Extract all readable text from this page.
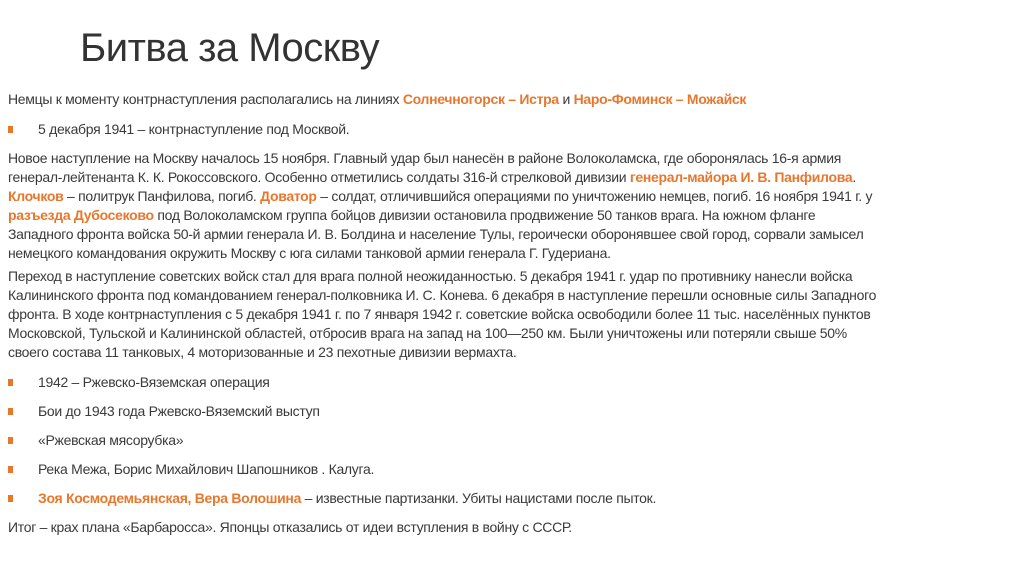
Битва за Москву
Немцы к моменту контрнаступления располагались на линиях Солнечногорск – Истра и Наро-Фоминск – Можайск
5 декабря 1941 – контрнаступление под Москвой.
Новое наступление на Москву началось 15 ноября. Главный удар был нанесён в районе Волоколамска, где оборонялась 16-я армия
генерал-лейтенанта К. К. Рокоссовского. Особенно отметились солдаты 316-й стрелковой дивизии генерал-майора И. В. Панфилова.
Клочков – политрук Панфилова, погиб. Доватор – солдат, отличившийся операциями по уничтожению немцев, погиб. 16 ноября 1941 г. у
разъезда Дубосеково под Волоколамском группа бойцов дивизии остановила продвижение 50 танков врага. На южном фланге
Западного фронта войска 50-й армии генерала И. В. Болдина и население Тулы, героически оборонявшее свой город, сорвали замысел
немецкого командования окружить Москву с юга силами танковой армии генерала Г. Гудериана.
Переход в наступление советских войск стал для врага полной неожиданностью. 5 декабря 1941 г. удар по противнику нанесли войска
Калининского фронта под командованием генерал-полковника И. С. Конева. 6 декабря в наступление перешли основные силы Западного
фронта. В ходе контрнаступления с 5 декабря 1941 г. по 7 января 1942 г. советские войска освободили более 11 тыс. населённых пунктов
Московской, Тульской и Калининской областей, отбросив врага на запад на 100—250 км. Были уничтожены или потеряли свыше 50%
своего состава 11 танковых, 4 моторизованные и 23 пехотные дивизии вермахта.
1942 – Ржевско-Вяземская операция
Бои до 1943 года Ржевско-Вяземский выступ
«Ржевская мясорубка»
Река Межа, Борис Михайлович Шапошников . Калуга.
Зоя Космодемьянская, Вера Волошина – известные партизанки. Убиты нацистами после пыток.
Итог – крах плана «Барбаросса». Японцы отказались от идеи вступления в войну с СССР.
